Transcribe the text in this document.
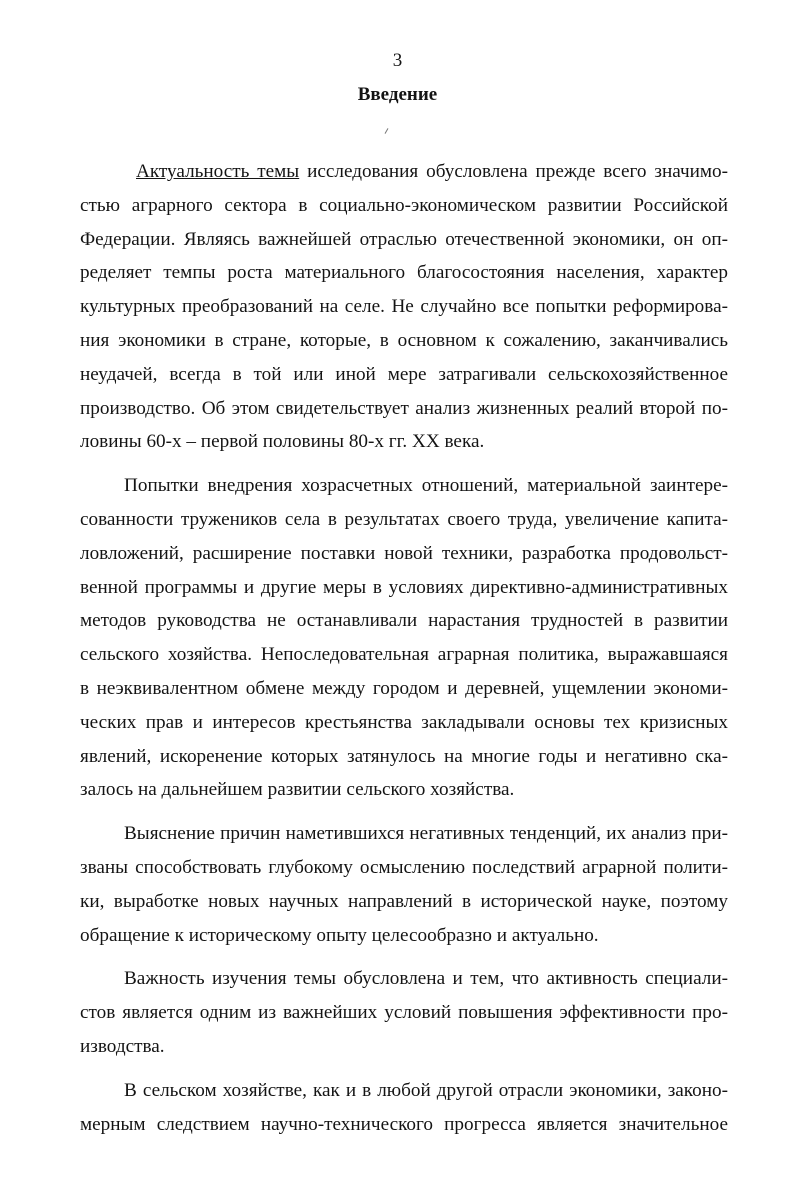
3
Введение
Актуальность темы исследования обусловлена прежде всего значимо-
стью аграрного сектора в социально-экономическом развитии Российской
Федерации. Являясь важнейшей отраслью отечественной экономики, он оп-
ределяет темпы роста материального благосостояния населения, характер
культурных преобразований на селе. Не случайно все попытки реформирова-
ния экономики в стране, которые, в основном к сожалению, заканчивались
неудачей, всегда в той или иной мере затрагивали сельскохозяйственное
производство. Об этом свидетельствует анализ жизненных реалий второй по-
ловины 60-х – первой половины 80-х гг. XX века.
Попытки внедрения хозрасчетных отношений, материальной заинтере-
сованности тружеников села в результатах своего труда, увеличение капита-
ловложений, расширение поставки новой техники, разработка продовольст-
венной программы и другие меры в условиях директивно-административных
методов руководства не останавливали нарастания трудностей в развитии
сельского хозяйства. Непоследовательная аграрная политика, выражавшаяся
в неэквивалентном обмене между городом и деревней, ущемлении экономи-
ческих прав и интересов крестьянства закладывали основы тех кризисных
явлений, искоренение которых затянулось на многие годы и негативно ска-
залось на дальнейшем развитии сельского хозяйства.
Выяснение причин наметившихся негативных тенденций, их анализ при-
званы способствовать глубокому осмыслению последствий аграрной полити-
ки, выработке новых научных направлений в исторической науке, поэтому
обращение к историческому опыту целесообразно и актуально.
Важность изучения темы обусловлена и тем, что активность специали-
стов является одним из важнейших условий повышения эффективности про-
изводства.
В сельском хозяйстве, как и в любой другой отрасли экономики, законо-
мерным следствием научно-технического прогресса является значительное
